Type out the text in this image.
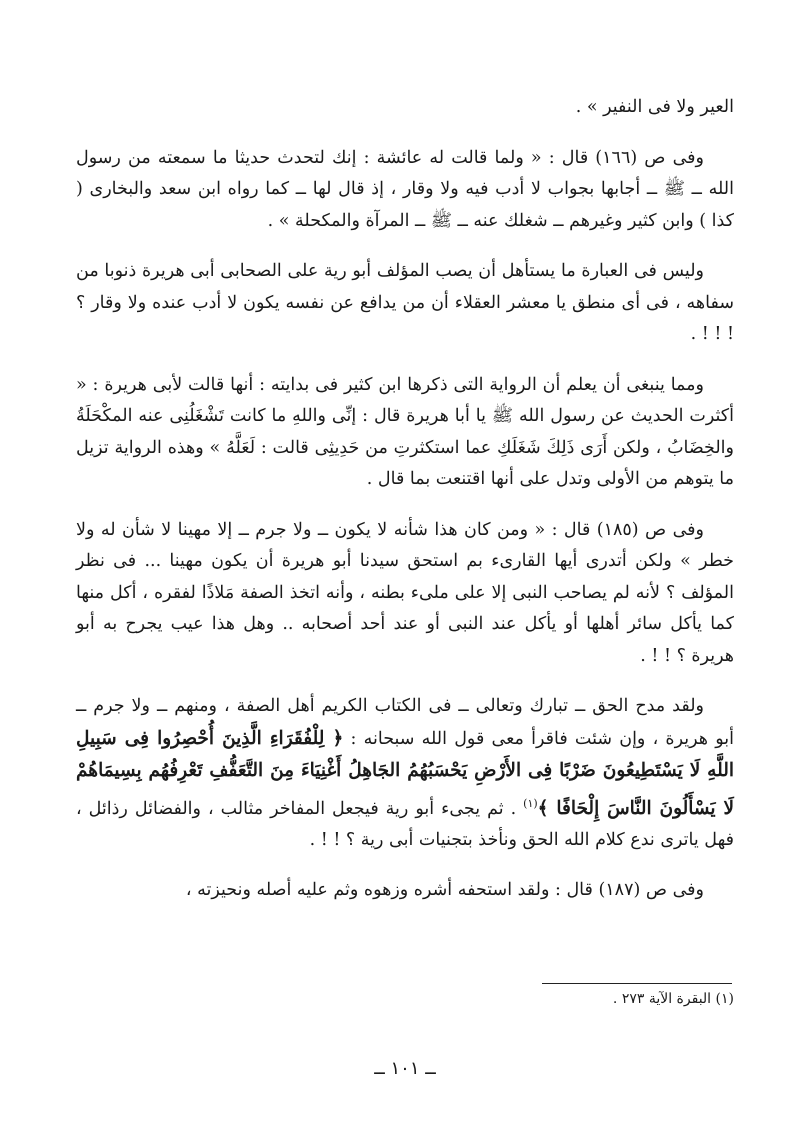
العير ولا فى النفير » .

وفى ص (١٦٦) قال : « ولما قالت له عائشة : إنك لتحدث حديثا ما سمعته من رسول الله ــ ﷺ ــ أجابها بجواب لا أدب فيه ولا وقار ، إذ قال لها ــ كما رواه ابن سعد والبخارى ( كذا ) وابن كثير وغيرهم ــ شغلك عنه ــ ﷺ ــ المرآة والمكحلة » .

وليس فى العبارة ما يستأهل أن يصب المؤلف أبو رية على الصحابى أبى هريرة ذنوبا من سفاهه ، فى أى منطق يا معشر العقلاء أن من يدافع عن نفسه يكون لا أدب عنده ولا وقار ؟ ! ! ! .

ومما ينبغى أن يعلم أن الرواية التى ذكرها ابن كثير فى بدايته : أنها قالت لأبى هريرة : « أكثرت الحديث عن رسول الله ﷺ يا أبا هريرة قال : إنِّى واللهِ ما كانت تَشْغَلُنِى عنه المكْحَلَةُ والخِضَابُ ، ولكن أَرَى ذَلِكَ شَغَلَكِ عما استكثرتِ من حَدِيثِى قالت : لَعَلَّهُ » وهذه الرواية تزيل ما يتوهم من الأولى وتدل على أنها اقتنعت بما قال .

وفى ص (١٨٥) قال : « ومن كان هذا شأنه لا يكون ــ ولا جرم ــ إلا مهينا لا شأن له ولا خطر » ولكن أتدرى أيها القارىء بم استحق سيدنا أبو هريرة أن يكون مهينا ... فى نظر المؤلف ؟ لأنه لم يصاحب النبى إلا على ملىء بطنه ، وأنه اتخذ الصفة مَلاذًا لفقره ، أكل منها كما يأكل سائر أهلها أو يأكل عند النبى أو عند أحد أصحابه .. وهل هذا عيب يجرح به أبو هريرة ؟ ! ! .

ولقد مدح الحق ــ تبارك وتعالى ــ فى الكتاب الكريم أهل الصفة ، ومنهم ــ ولا جرم ــ أبو هريرة ، وإن شئت فاقرأ معى قول الله سبحانه : ﴿ لِلْفُقَرَاءِ الَّذِينَ أُحْصِرُوا فِى سَبِيلِ اللَّهِ لَا يَسْتَطِيعُونَ ضَرْبًا فِى الأَرْضِ يَحْسَبُهُمُ الجَاهِلُ أَغْنِيَاءَ مِنَ التَّعَفُّفِ تَعْرِفُهُم بِسِيمَاهُمْ لَا يَسْأَلُونَ النَّاسَ إِلْحَافًا ﴾$^{(١)}$ . ثم يجىء أبو رية فيجعل المفاخر مثالب ، والفضائل رذائل ، فهل ياترى ندع كلام الله الحق ونأخذ بتجنيات أبى رية ؟ ! ! .

وفى ص (١٨٧) قال : ولقد استحفه أشره وزهوه وثم عليه أصله ونحيزته ،

(١) البقرة الآية ٢٧٣ .
ــ ١٠١ ــ
